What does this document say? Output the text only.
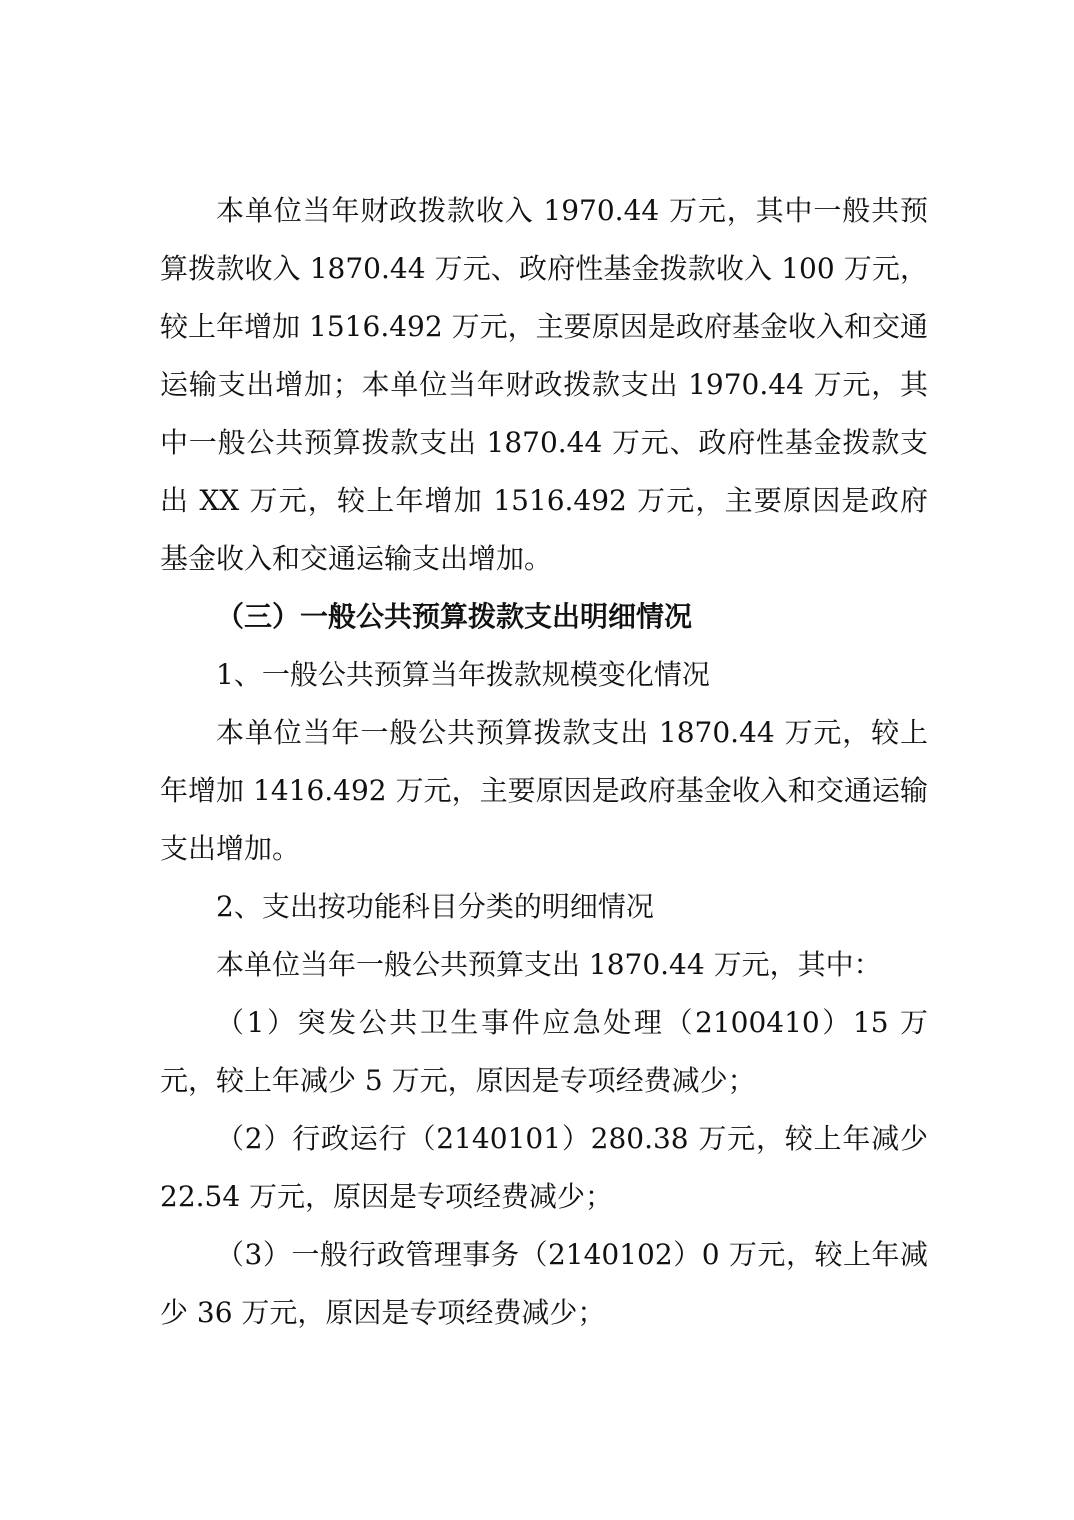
本单位当年财政拨款收入 1970.44 万元，其中一般共预算拨款收入 1870.44 万元、政府性基金拨款收入 100 万元，较上年增加 1516.492 万元，主要原因是政府基金收入和交通运输支出增加；本单位当年财政拨款支出 1970.44 万元，其中一般公共预算拨款支出 1870.44 万元、政府性基金拨款支出 XX 万元，较上年增加 1516.492 万元，主要原因是政府基金收入和交通运输支出增加。

（三）一般公共预算拨款支出明细情况

1、一般公共预算当年拨款规模变化情况

本单位当年一般公共预算拨款支出 1870.44 万元，较上年增加 1416.492 万元，主要原因是政府基金收入和交通运输支出增加。

2、支出按功能科目分类的明细情况

本单位当年一般公共预算支出 1870.44 万元，其中：

（1）突发公共卫生事件应急处理（2100410）15 万元，较上年减少 5 万元，原因是专项经费减少；

（2）行政运行（2140101）280.38 万元，较上年减少 22.54 万元，原因是专项经费减少；

（3）一般行政管理事务（2140102）0 万元，较上年减少 36 万元，原因是专项经费减少；
